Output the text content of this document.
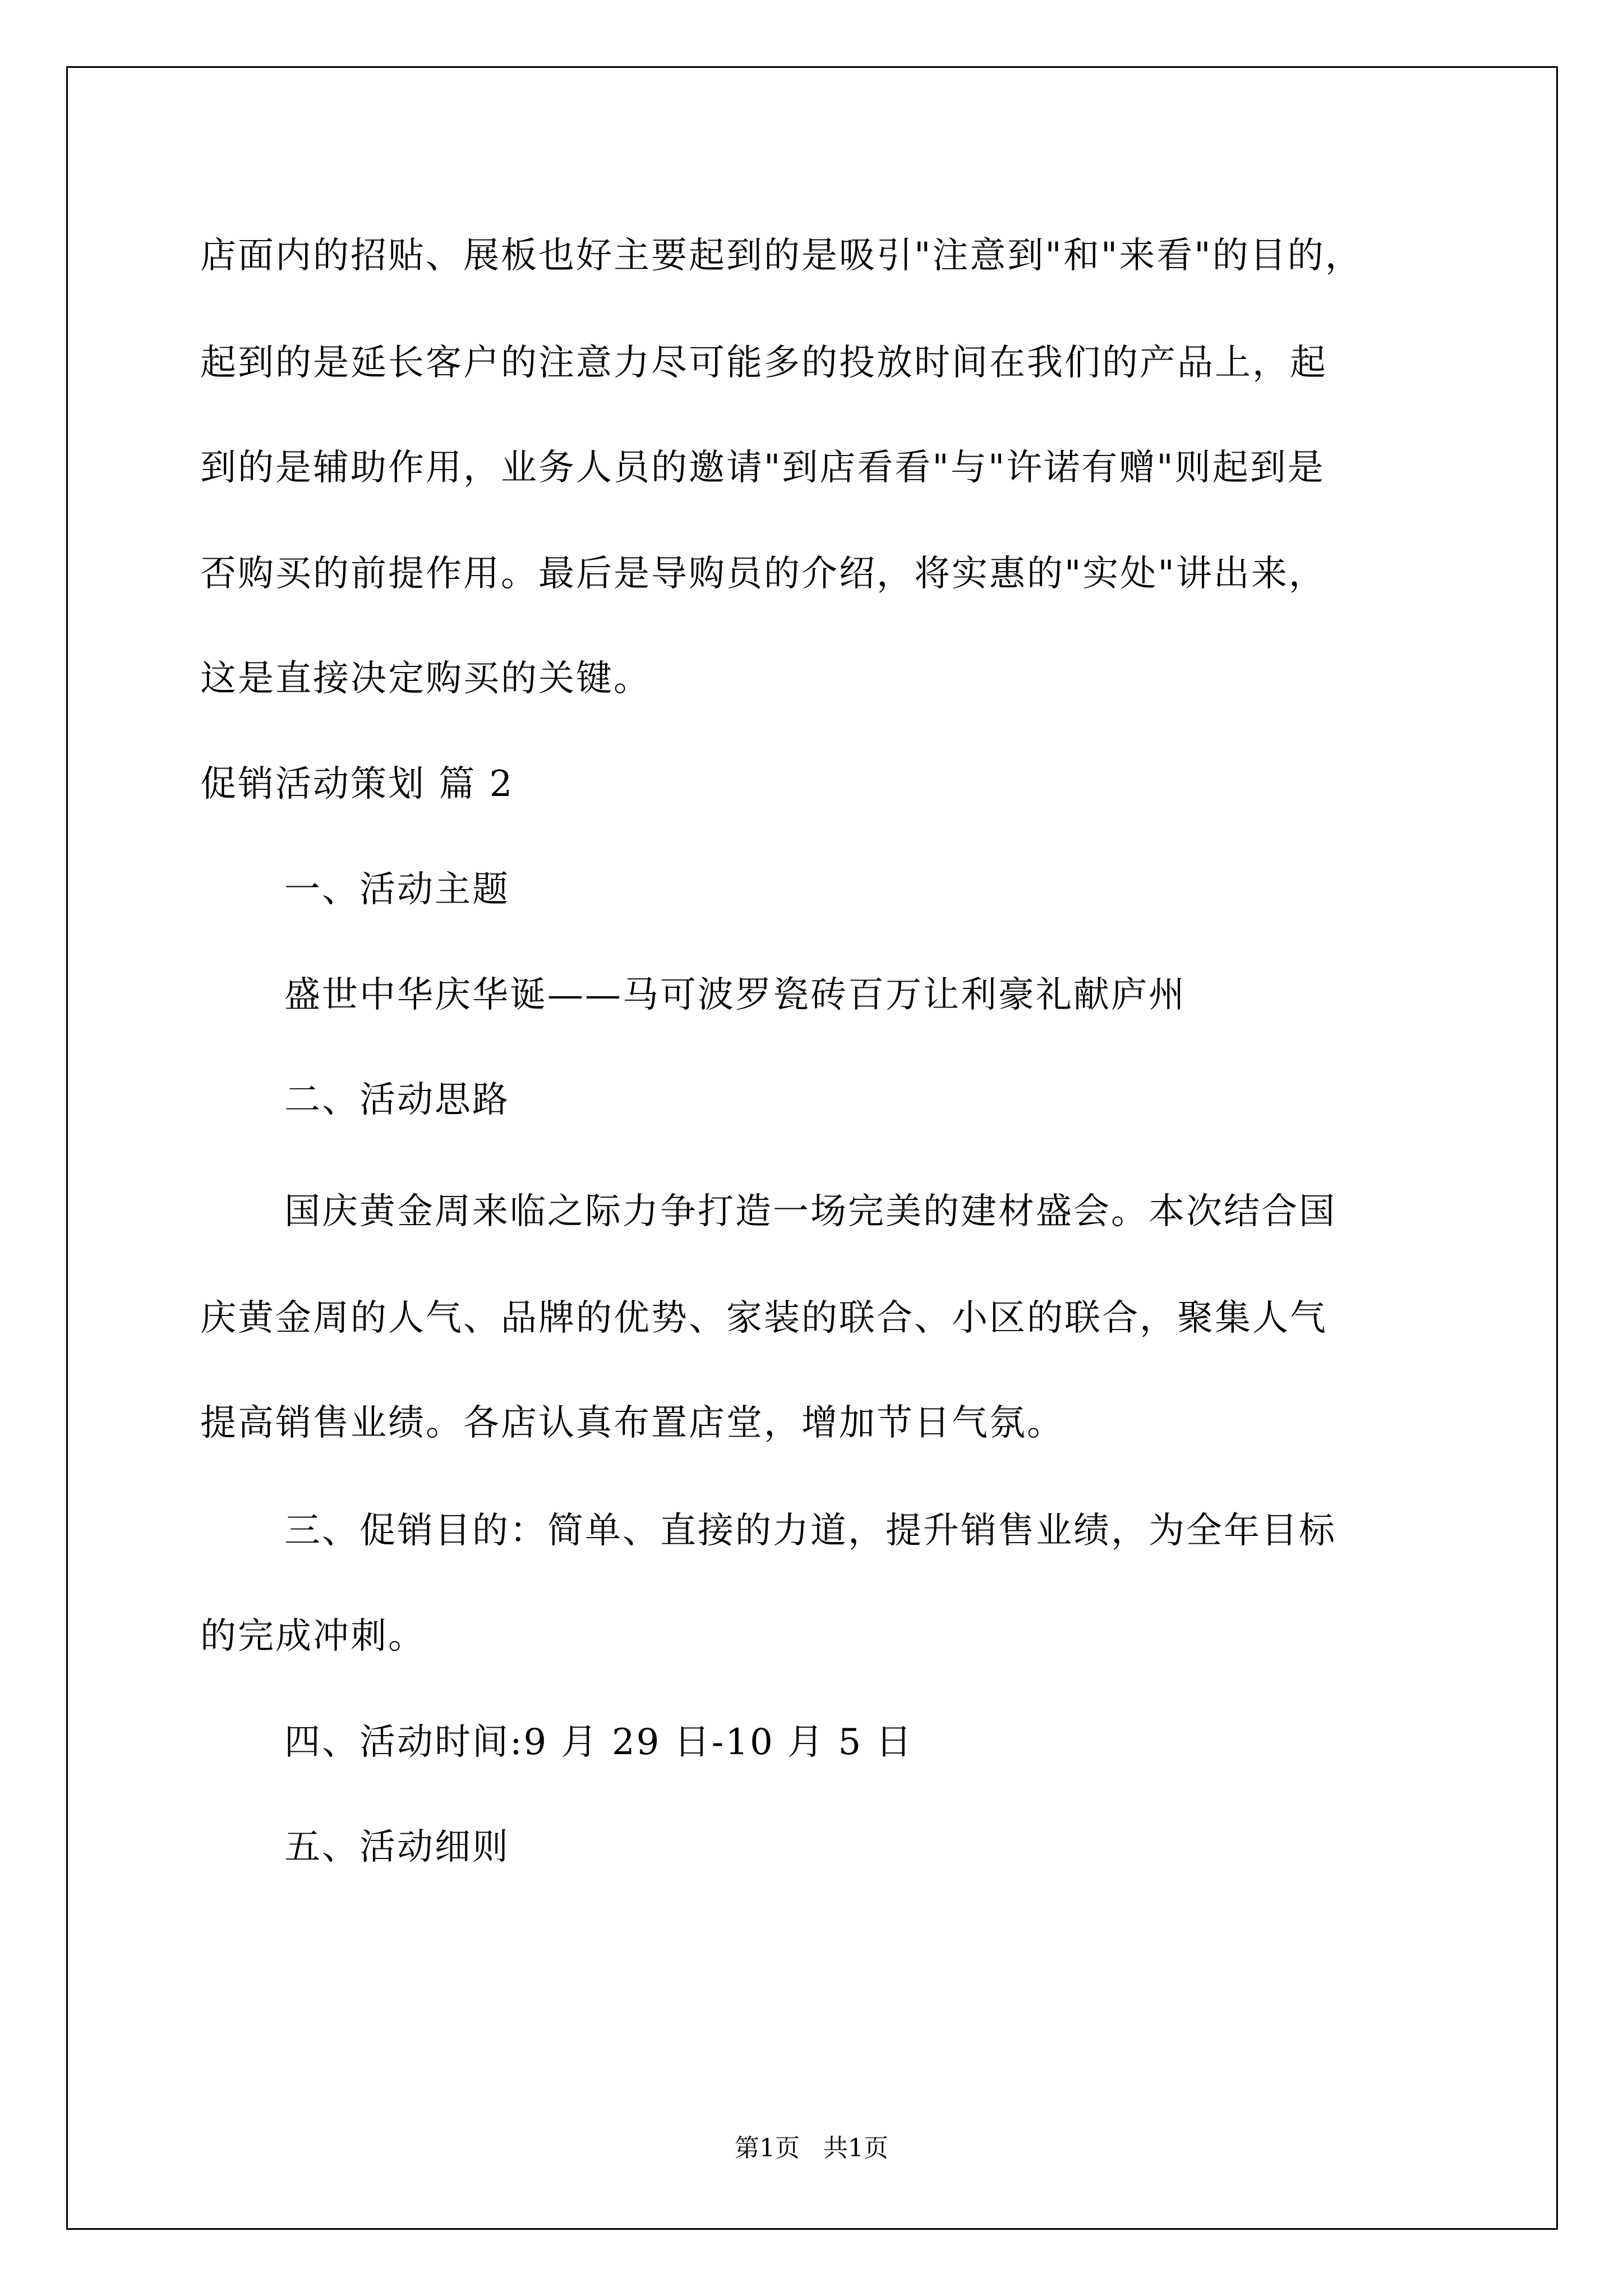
店面内的招贴、展板也好主要起到的是吸引"注意到"和"来看"的目的，
起到的是延长客户的注意力尽可能多的投放时间在我们的产品上，起
到的是辅助作用，业务人员的邀请"到店看看"与"许诺有赠"则起到是
否购买的前提作用。最后是导购员的介绍，将实惠的"实处"讲出来，
这是直接决定购买的关键。
促销活动策划 篇 2
一、活动主题
盛世中华庆华诞——马可波罗瓷砖百万让利豪礼献庐州
二、活动思路
国庆黄金周来临之际力争打造一场完美的建材盛会。本次结合国
庆黄金周的人气、品牌的优势、家装的联合、小区的联合，聚集人气
提高销售业绩。各店认真布置店堂，增加节日气氛。
三、促销目的：简单、直接的力道，提升销售业绩，为全年目标
的完成冲刺。
四、活动时间:9 月 29 日-10 月 5 日
五、活动细则
第1页   共1页
